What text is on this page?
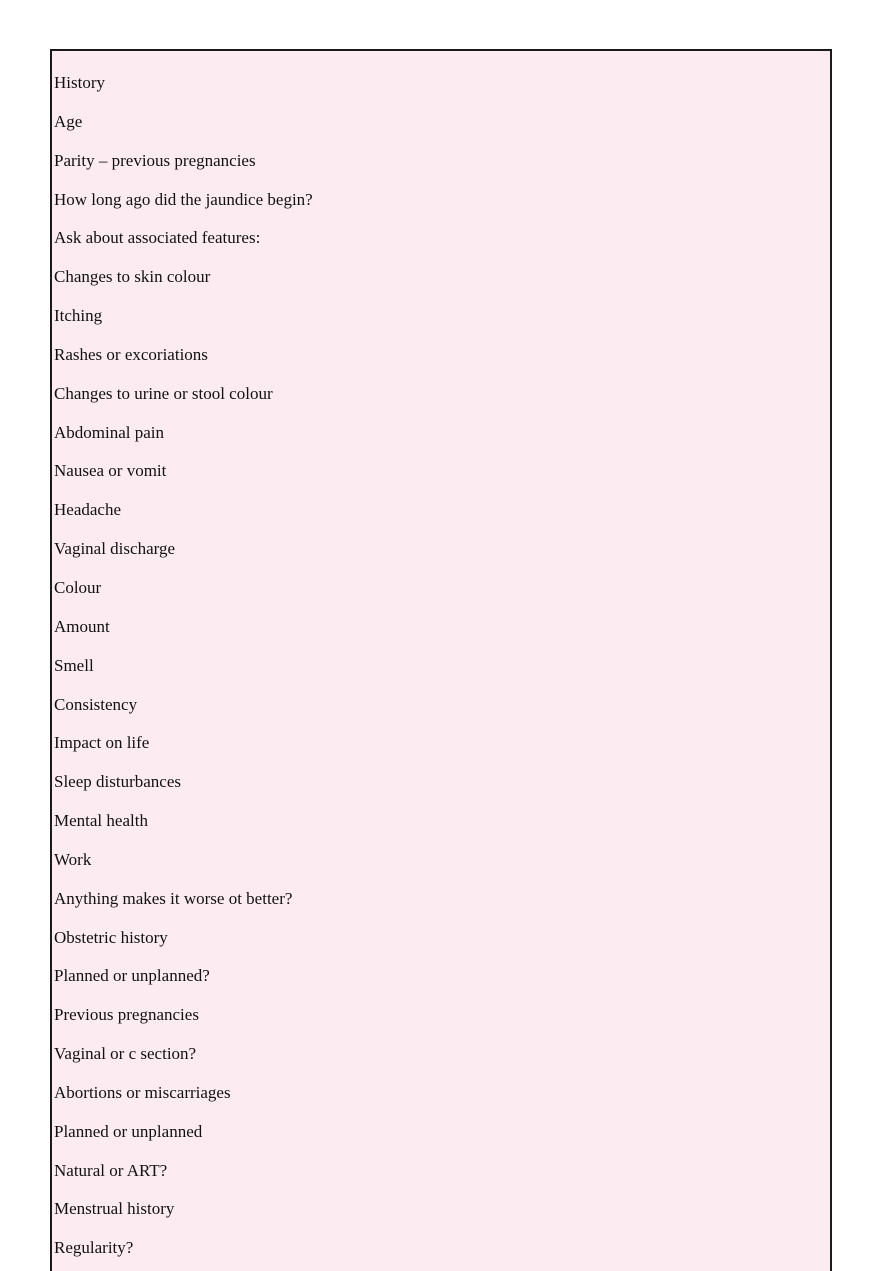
History
Age
Parity – previous pregnancies
How long ago did the jaundice begin?
Ask about associated features:
Changes to skin colour
Itching
Rashes or excoriations
Changes to urine or stool colour
Abdominal pain
Nausea or vomit
Headache
Vaginal discharge
Colour
Amount
Smell
Consistency
Impact on life
Sleep disturbances
Mental health
Work
Anything makes it worse ot better?
Obstetric history
Planned or unplanned?
Previous pregnancies
Vaginal or c section?
Abortions or miscarriages
Planned or unplanned
Natural or ART?
Menstrual history
Regularity?
